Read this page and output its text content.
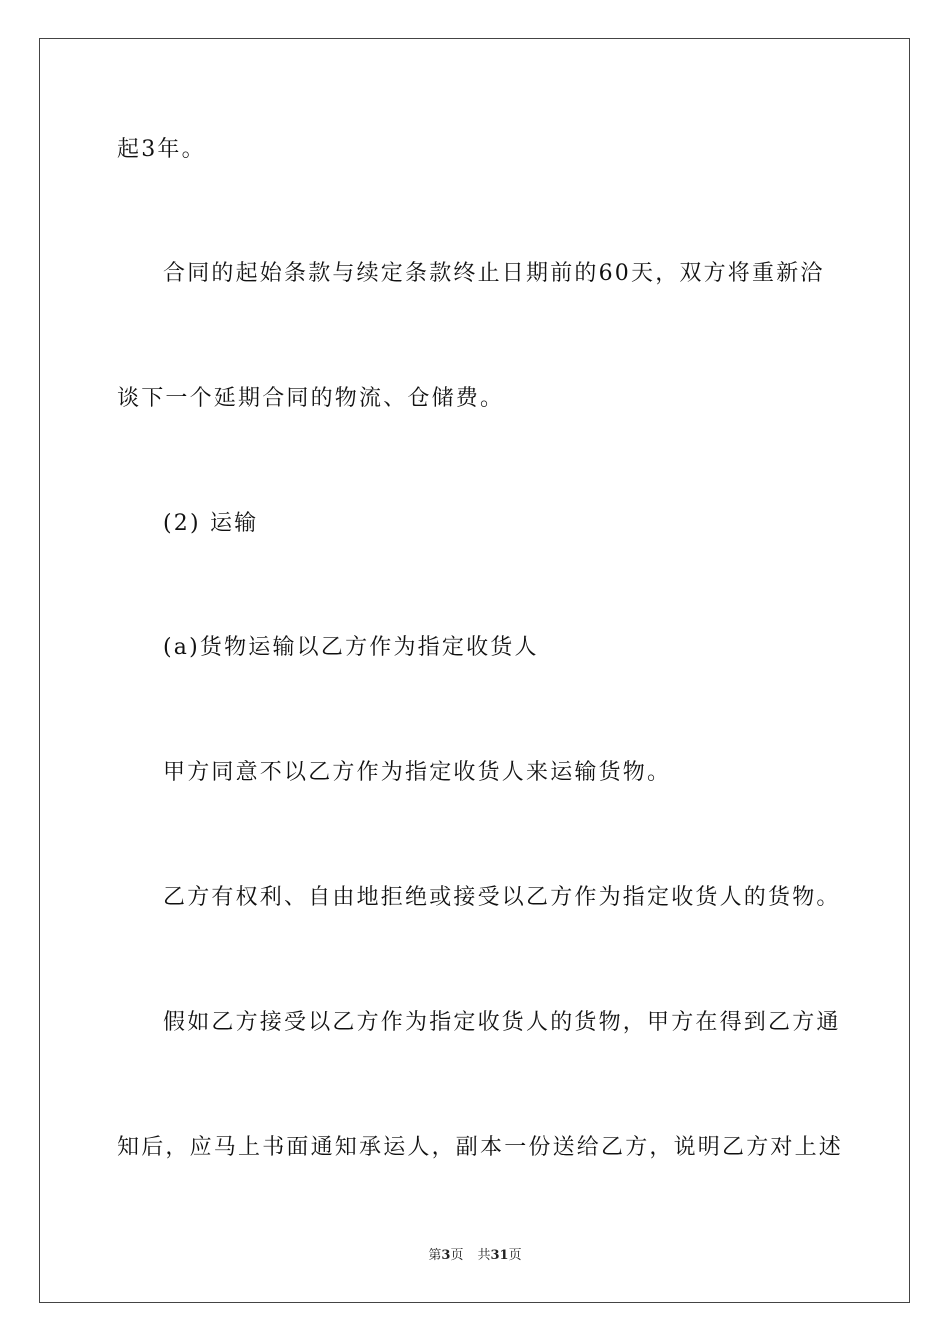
起3年。
合同的起始条款与续定条款终止日期前的60天，双方将重新洽
谈下一个延期合同的物流、仓储费。
(2) 运输
(a)货物运输以乙方作为指定收货人
甲方同意不以乙方作为指定收货人来运输货物。
乙方有权利、自由地拒绝或接受以乙方作为指定收货人的货物。
假如乙方接受以乙方作为指定收货人的货物，甲方在得到乙方通
知后，应马上书面通知承运人，副本一份送给乙方，说明乙方对上述
第3页 共31页
